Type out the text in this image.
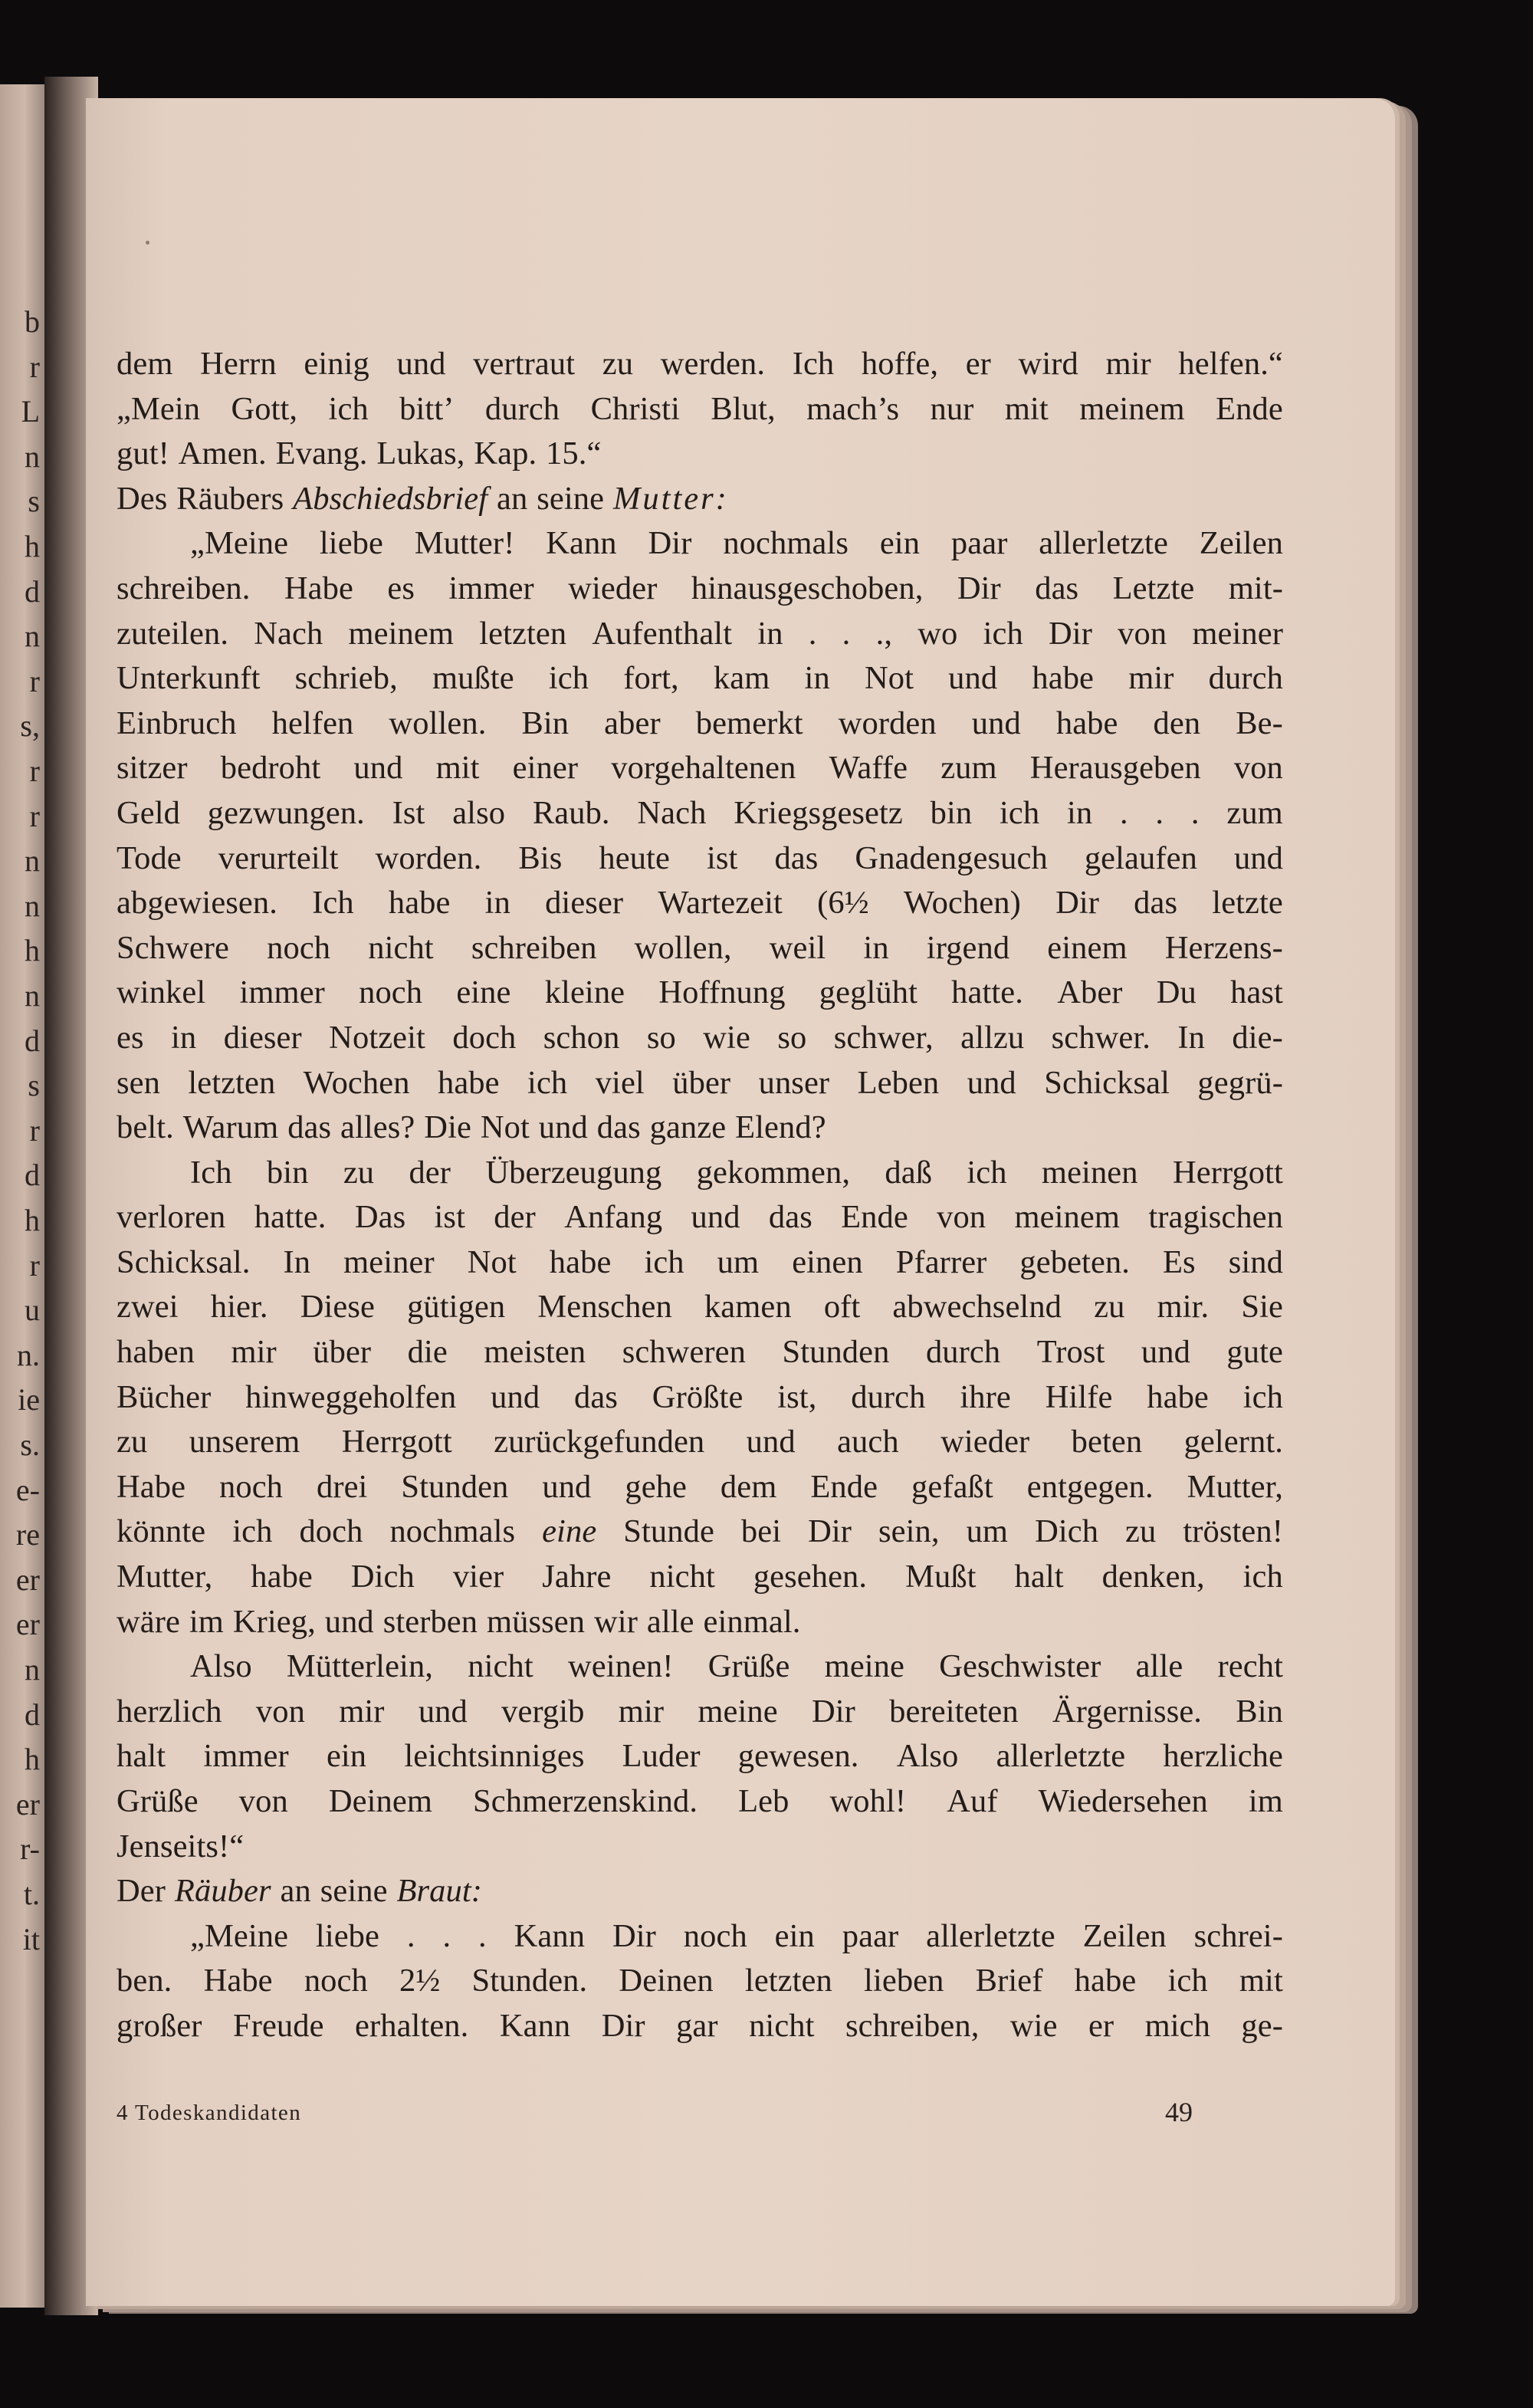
b
r
L
n
s
h
d
n
r
s,
r
r
n
n
h
n
d
s
r
d
h
r
u
n.
ie
s.
e-
re
er
er
n
d
h
er
r-
t.
it
dem Herrn einig und vertraut zu werden. Ich hoffe, er wird mir helfen.“
„Mein Gott, ich bitt’ durch Christi Blut, mach’s nur mit meinem Ende
gut! Amen. Evang. Lukas, Kap. 15.“
Des Räubers Abschiedsbrief an seine Mutter:
„Meine liebe Mutter! Kann Dir nochmals ein paar allerletzte Zeilen
schreiben. Habe es immer wieder hinausgeschoben, Dir das Letzte mit-
zuteilen. Nach meinem letzten Aufenthalt in . . ., wo ich Dir von meiner
Unterkunft schrieb, mußte ich fort, kam in Not und habe mir durch
Einbruch helfen wollen. Bin aber bemerkt worden und habe den Be-
sitzer bedroht und mit einer vorgehaltenen Waffe zum Herausgeben von
Geld gezwungen. Ist also Raub. Nach Kriegsgesetz bin ich in . . . zum
Tode verurteilt worden. Bis heute ist das Gnadengesuch gelaufen und
abgewiesen. Ich habe in dieser Wartezeit (6½ Wochen) Dir das letzte
Schwere noch nicht schreiben wollen, weil in irgend einem Herzens-
winkel immer noch eine kleine Hoffnung geglüht hatte. Aber Du hast
es in dieser Notzeit doch schon so wie so schwer, allzu schwer. In die-
sen letzten Wochen habe ich viel über unser Leben und Schicksal gegrü-
belt. Warum das alles? Die Not und das ganze Elend?
Ich bin zu der Überzeugung gekommen, daß ich meinen Herrgott
verloren hatte. Das ist der Anfang und das Ende von meinem tragischen
Schicksal. In meiner Not habe ich um einen Pfarrer gebeten. Es sind
zwei hier. Diese gütigen Menschen kamen oft abwechselnd zu mir. Sie
haben mir über die meisten schweren Stunden durch Trost und gute
Bücher hinweggeholfen und das Größte ist, durch ihre Hilfe habe ich
zu unserem Herrgott zurückgefunden und auch wieder beten gelernt.
Habe noch drei Stunden und gehe dem Ende gefaßt entgegen. Mutter,
könnte ich doch nochmals eine Stunde bei Dir sein, um Dich zu trösten!
Mutter, habe Dich vier Jahre nicht gesehen. Mußt halt denken, ich
wäre im Krieg, und sterben müssen wir alle einmal.
Also Mütterlein, nicht weinen! Grüße meine Geschwister alle recht
herzlich von mir und vergib mir meine Dir bereiteten Ärgernisse. Bin
halt immer ein leichtsinniges Luder gewesen. Also allerletzte herzliche
Grüße von Deinem Schmerzenskind. Leb wohl! Auf Wiedersehen im
Jenseits!“
Der Räuber an seine Braut:
„Meine liebe . . . Kann Dir noch ein paar allerletzte Zeilen schrei-
ben. Habe noch 2½ Stunden. Deinen letzten lieben Brief habe ich mit
großer Freude erhalten. Kann Dir gar nicht schreiben, wie er mich ge-
4 Todeskandidaten	49
